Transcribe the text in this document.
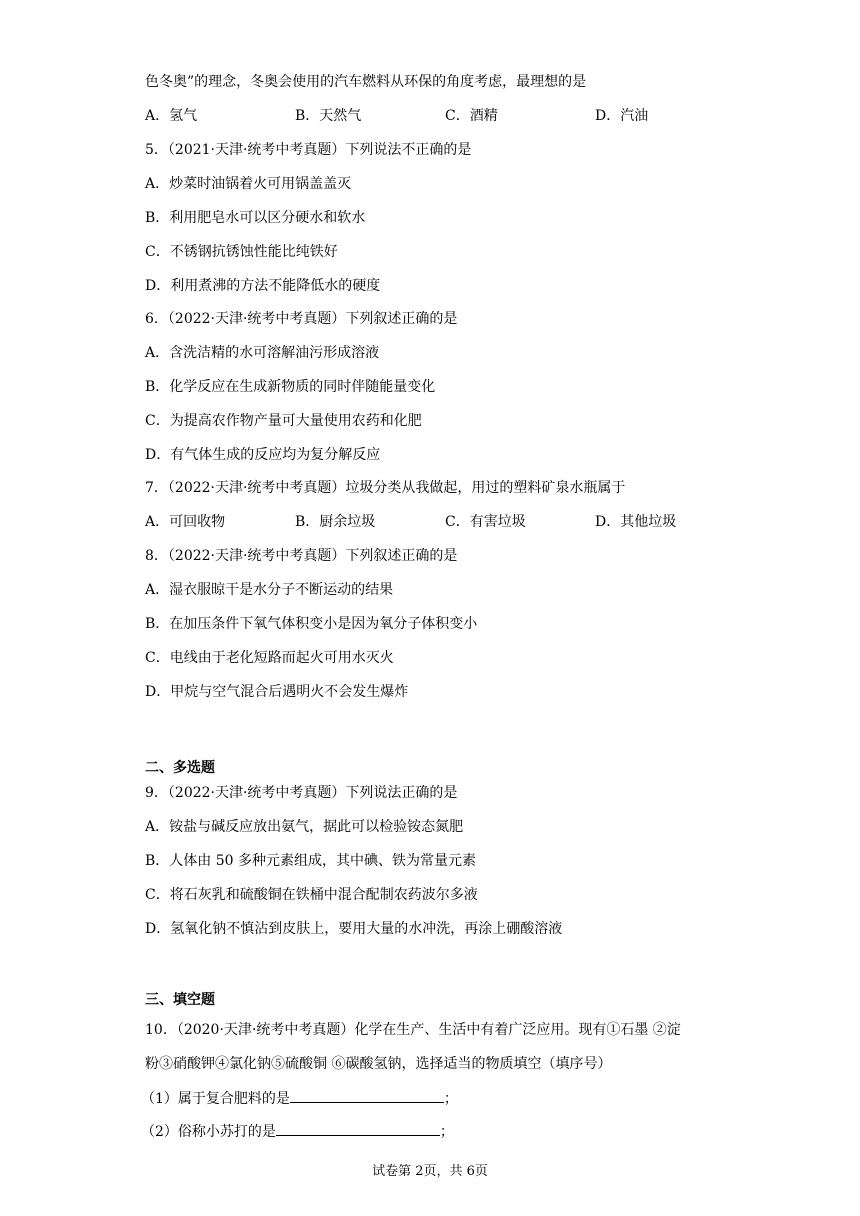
色冬奥”的理念，冬奥会使用的汽车燃料从环保的角度考虑，最理想的是
A．氢气	B．天然气	C．酒精	D．汽油
5．（2021·天津·统考中考真题）下列说法不正确的是
A．炒菜时油锅着火可用锅盖盖灭
B．利用肥皂水可以区分硬水和软水
C．不锈钢抗锈蚀性能比纯铁好
D．利用煮沸的方法不能降低水的硬度
6．（2022·天津·统考中考真题）下列叙述正确的是
A．含洗洁精的水可溶解油污形成溶液
B．化学反应在生成新物质的同时伴随能量变化
C．为提高农作物产量可大量使用农药和化肥
D．有气体生成的反应均为复分解反应
7．（2022·天津·统考中考真题）垃圾分类从我做起，用过的塑料矿泉水瓶属于
A．可回收物	B．厨余垃圾	C．有害垃圾	D．其他垃圾
8．（2022·天津·统考中考真题）下列叙述正确的是
A．湿衣服晾干是水分子不断运动的结果
B．在加压条件下氧气体积变小是因为氧分子体积变小
C．电线由于老化短路而起火可用水灭火
D．甲烷与空气混合后遇明火不会发生爆炸
二、多选题
9．（2022·天津·统考中考真题）下列说法正确的是
A．铵盐与碱反应放出氨气，据此可以检验铵态氮肥
B．人体由 50 多种元素组成，其中碘、铁为常量元素
C．将石灰乳和硫酸铜在铁桶中混合配制农药波尔多液
D．氢氧化钠不慎沾到皮肤上，要用大量的水冲洗，再涂上硼酸溶液
三、填空题
10．（2020·天津·统考中考真题）化学在生产、生活中有着广泛应用。现有①石墨 ②淀
粉③硝酸钾④氯化钠⑤硫酸铜 ⑥碳酸氢钠，选择适当的物质填空（填序号）
（1）属于复合肥料的是	；
（2）俗称小苏打的是	；
试卷第 2页，共 6页
